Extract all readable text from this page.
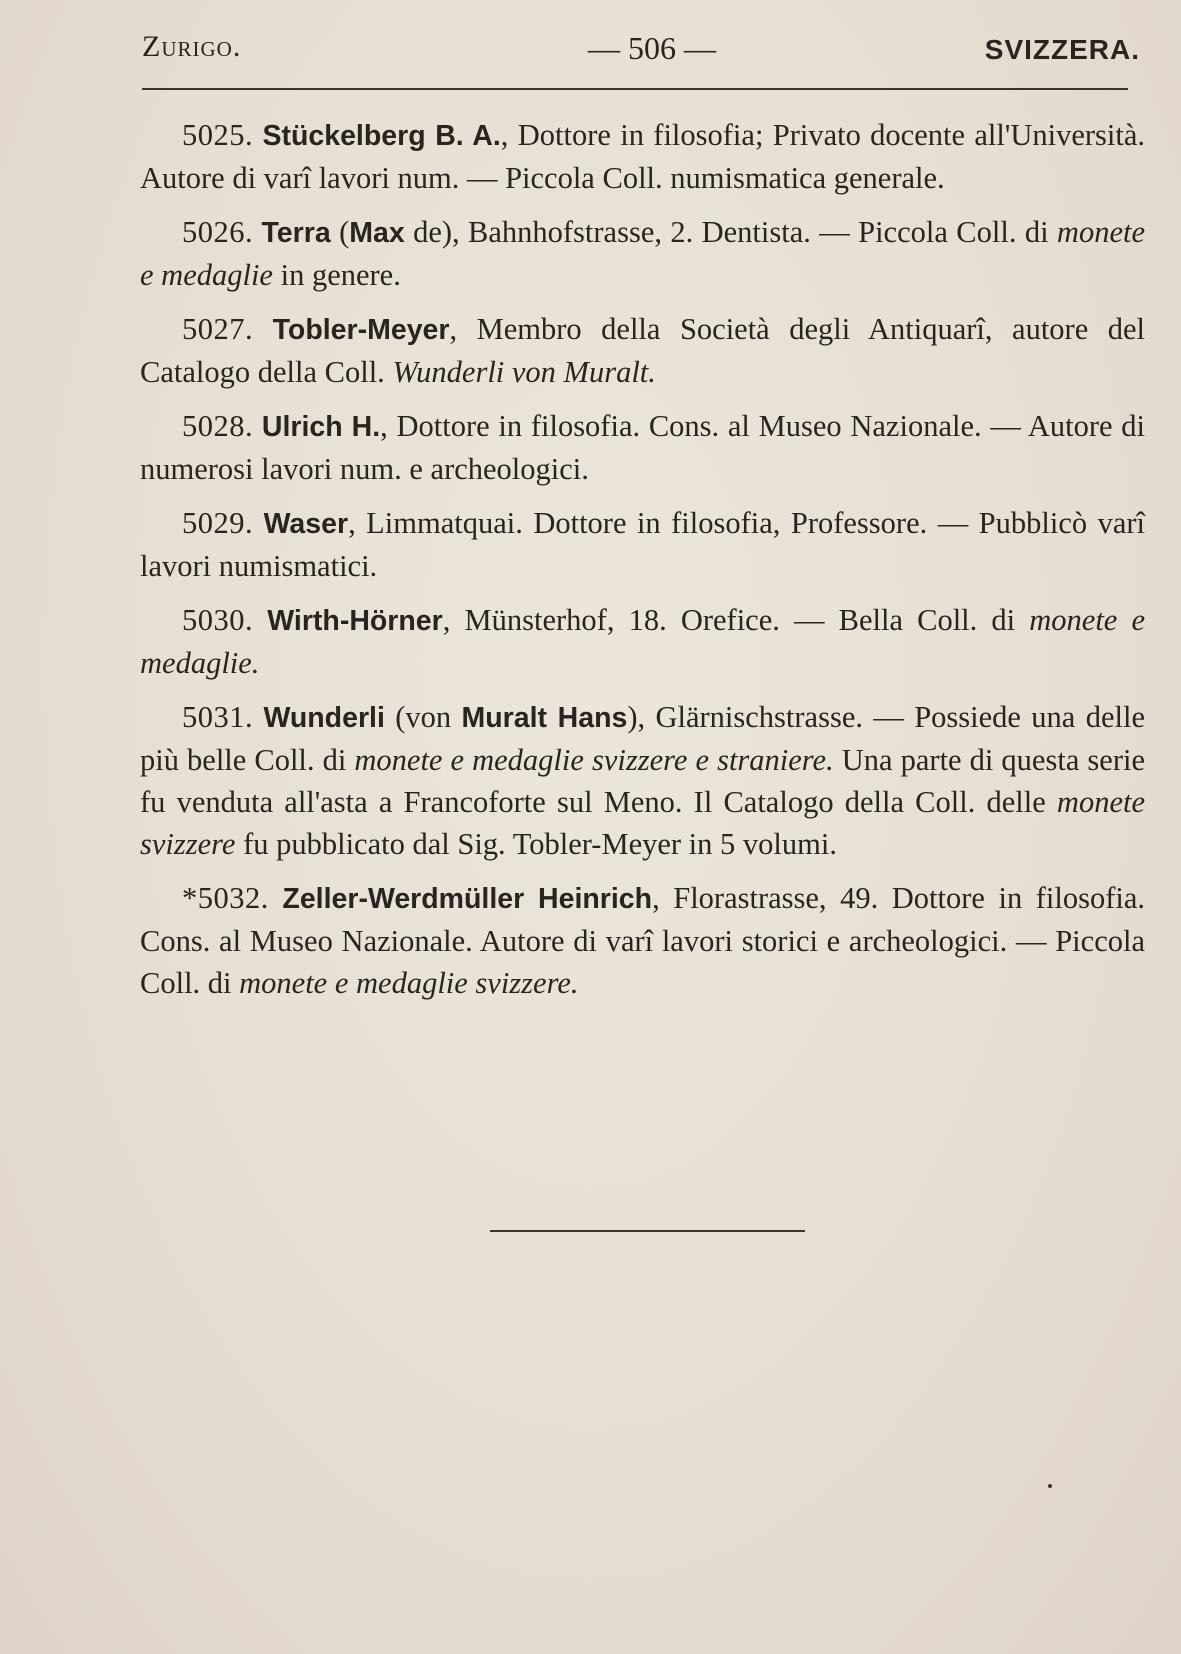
Zurigo.	— 506 —	SVIZZERA.

5025. Stückelberg B. A., Dottore in filosofia; Privato docente all'Università. Autore di varî lavori num. — Piccola Coll. numismatica generale.

5026. Terra (Max de), Bahnhofstrasse, 2. Dentista. — Piccola Coll. di monete e medaglie in genere.

5027. Tobler-Meyer, Membro della Società degli Antiquarî, autore del Catalogo della Coll. Wunderli von Muralt.

5028. Ulrich H., Dottore in filosofia. Cons. al Museo Nazionale. — Autore di numerosi lavori num. e archeologici.

5029. Waser, Limmatquai. Dottore in filosofia, Professore. — Pubblicò varî lavori numismatici.

5030. Wirth-Hörner, Münsterhof, 18. Orefice. — Bella Coll. di monete e medaglie.

5031. Wunderli (von Muralt Hans), Glärnischstrasse. — Possiede una delle più belle Coll. di monete e medaglie svizzere e straniere. Una parte di questa serie fu venduta all'asta a Francoforte sul Meno. Il Catalogo della Coll. delle monete svizzere fu pubblicato dal Sig. Tobler-Meyer in 5 volumi.

*5032. Zeller-Werdmüller Heinrich, Florastrasse, 49. Dottore in filosofia. Cons. al Museo Nazionale. Autore di varî lavori storici e archeologici. — Piccola Coll. di monete e medaglie svizzere.
